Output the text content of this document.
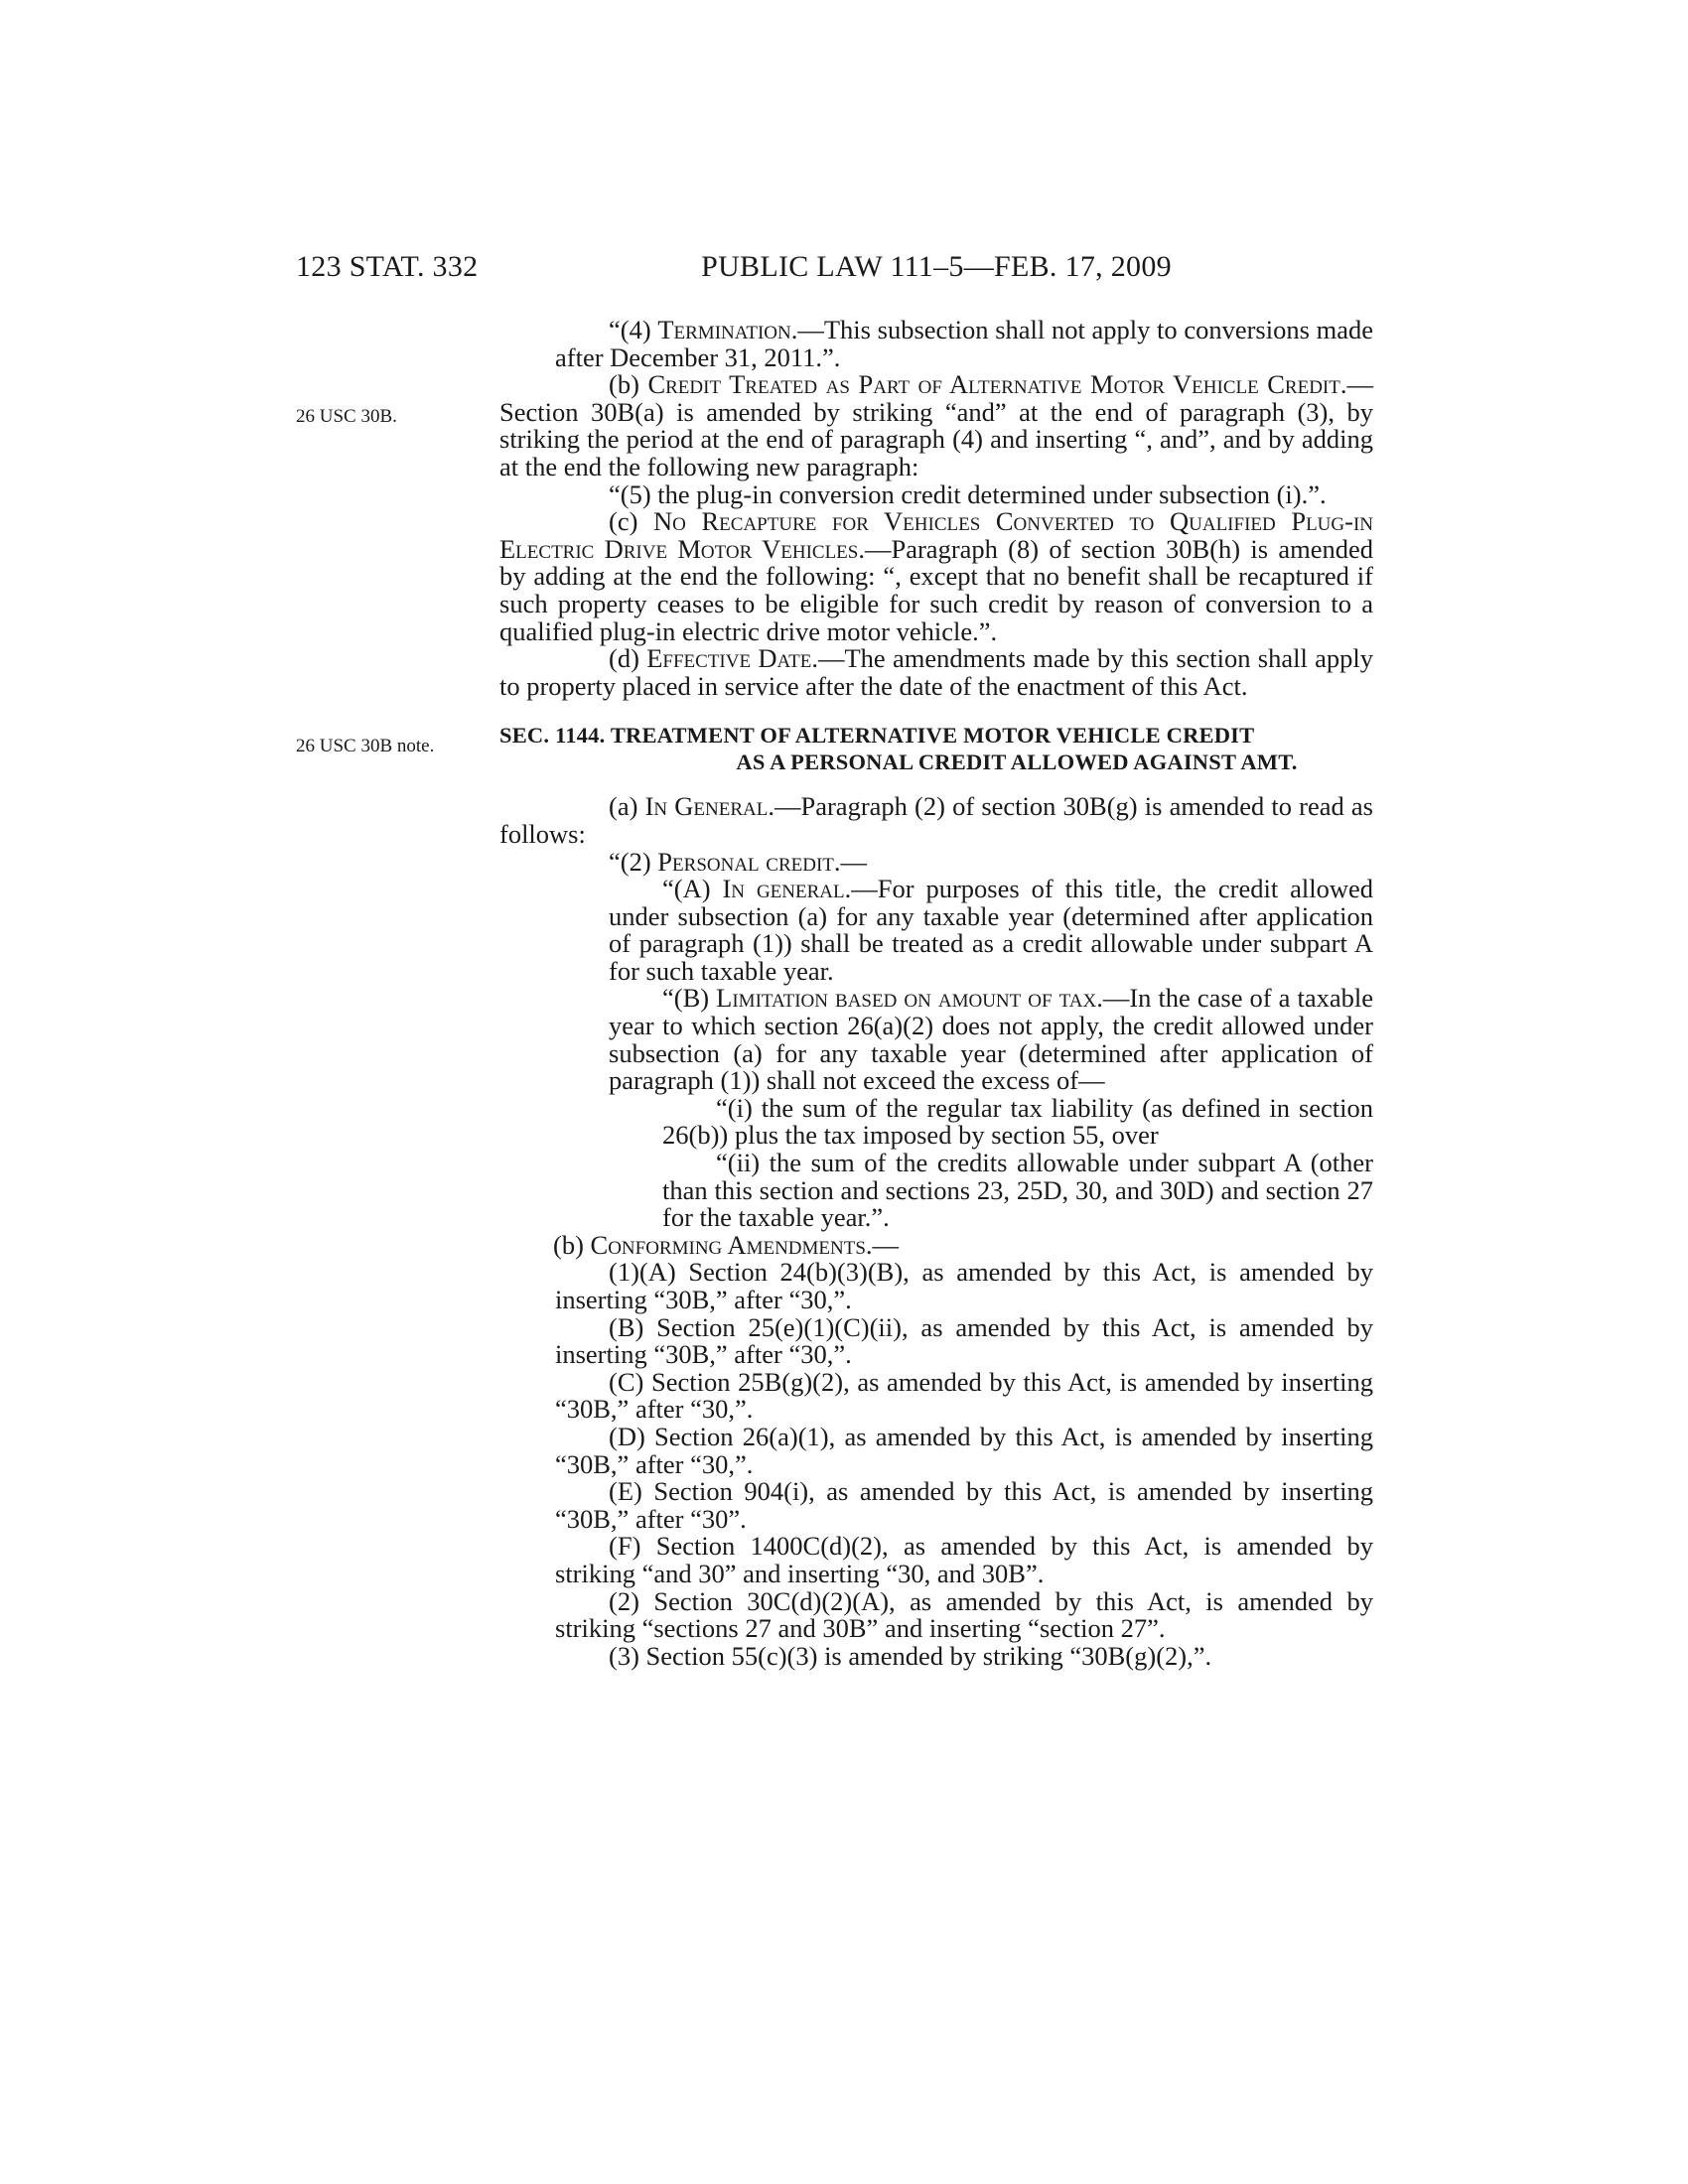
123 STAT. 332	PUBLIC LAW 111–5—FEB. 17, 2009
26 USC 30B.
26 USC 30B note.

“(4) Termination.—This subsection shall not apply to conversions made after December 31, 2011.”.

(b) Credit Treated as Part of Alternative Motor Vehicle Credit.—Section 30B(a) is amended by striking “and” at the end of paragraph (3), by striking the period at the end of paragraph (4) and inserting “, and”, and by adding at the end the following new paragraph:

“(5) the plug-in conversion credit determined under subsection (i).”.

(c) No Recapture for Vehicles Converted to Qualified Plug-in Electric Drive Motor Vehicles.—Paragraph (8) of section 30B(h) is amended by adding at the end the following: “, except that no benefit shall be recaptured if such property ceases to be eligible for such credit by reason of conversion to a qualified plug-in electric drive motor vehicle.”.

(d) Effective Date.—The amendments made by this section shall apply to property placed in service after the date of the enactment of this Act.

SEC. 1144. TREATMENT OF ALTERNATIVE MOTOR VEHICLE CREDIT
AS A PERSONAL CREDIT ALLOWED AGAINST AMT.

(a) In General.—Paragraph (2) of section 30B(g) is amended to read as follows:

“(2) Personal credit.—

“(A) In general.—For purposes of this title, the credit allowed under subsection (a) for any taxable year (determined after application of paragraph (1)) shall be treated as a credit allowable under subpart A for such taxable year.

“(B) Limitation based on amount of tax.—In the case of a taxable year to which section 26(a)(2) does not apply, the credit allowed under subsection (a) for any taxable year (determined after application of paragraph (1)) shall not exceed the excess of—

“(i) the sum of the regular tax liability (as defined in section 26(b)) plus the tax imposed by section 55, over

“(ii) the sum of the credits allowable under subpart A (other than this section and sections 23, 25D, 30, and 30D) and section 27 for the taxable year.”.

(b) Conforming Amendments.—

(1)(A) Section 24(b)(3)(B), as amended by this Act, is amended by inserting “30B,” after “30,”.

(B) Section 25(e)(1)(C)(ii), as amended by this Act, is amended by inserting “30B,” after “30,”.

(C) Section 25B(g)(2), as amended by this Act, is amended by inserting “30B,” after “30,”.

(D) Section 26(a)(1), as amended by this Act, is amended by inserting “30B,” after “30,”.

(E) Section 904(i), as amended by this Act, is amended by inserting “30B,” after “30”.

(F) Section 1400C(d)(2), as amended by this Act, is amended by striking “and 30” and inserting “30, and 30B”.

(2) Section 30C(d)(2)(A), as amended by this Act, is amended by striking “sections 27 and 30B” and inserting “section 27”.

(3) Section 55(c)(3) is amended by striking “30B(g)(2),”.
